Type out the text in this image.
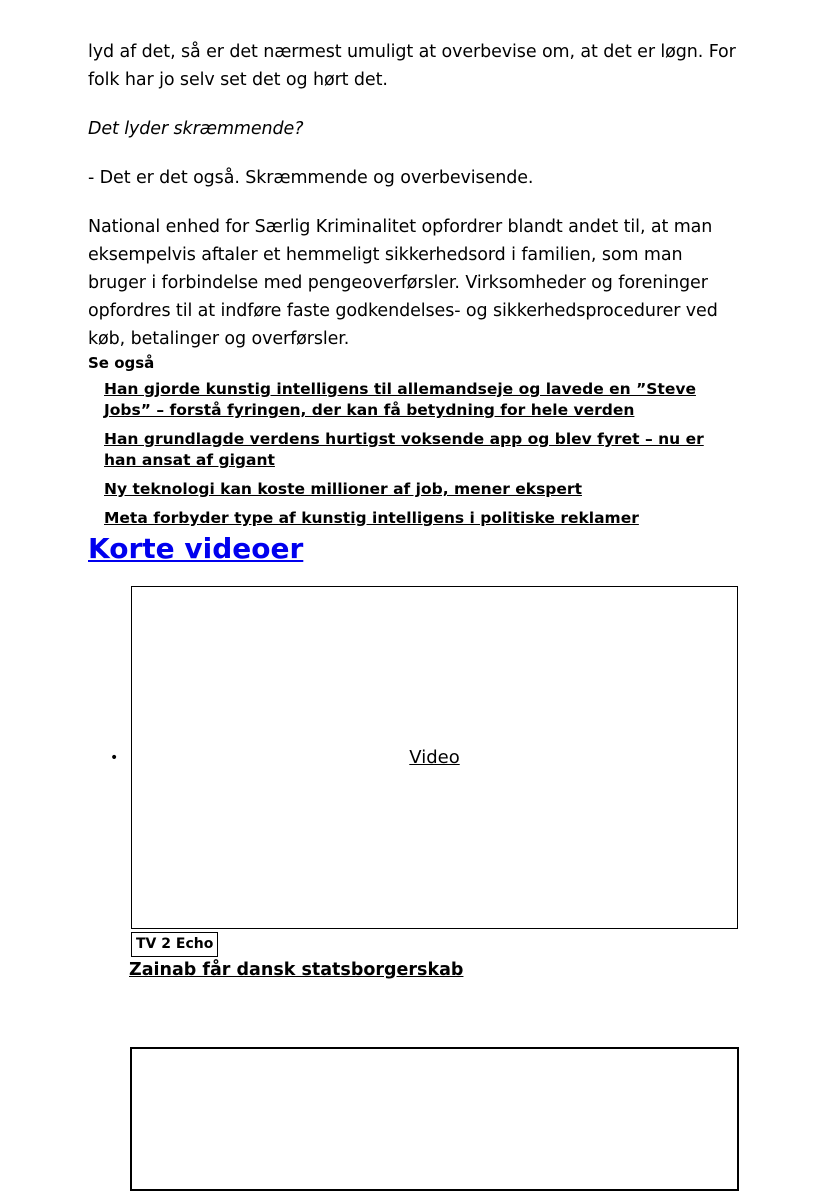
lyd af det, så er det nærmest umuligt at overbevise om, at det er løgn. For folk har jo selv set det og hørt det.

Det lyder skræmmende?

- Det er det også. Skræmmende og overbevisende.

National enhed for Særlig Kriminalitet opfordrer blandt andet til, at man eksempelvis aftaler et hemmeligt sikkerhedsord i familien, som man bruger i forbindelse med pengeoverførsler. Virksomheder og foreninger opfordres til at indføre faste godkendelses- og sikkerhedsprocedurer ved køb, betalinger og overførsler.

Se også
Han gjorde kunstig intelligens til allemandseje og lavede en ”Steve Jobs” – forstå fyringen, der kan få betydning for hele verden
Han grundlagde verdens hurtigst voksende app og blev fyret – nu er han ansat af gigant
Ny teknologi kan koste millioner af job, mener ekspert
Meta forbyder type af kunstig intelligens i politiske reklamer
Korte videoer
•	Video
TV 2 Echo
Zainab får dansk statsborgerskab
